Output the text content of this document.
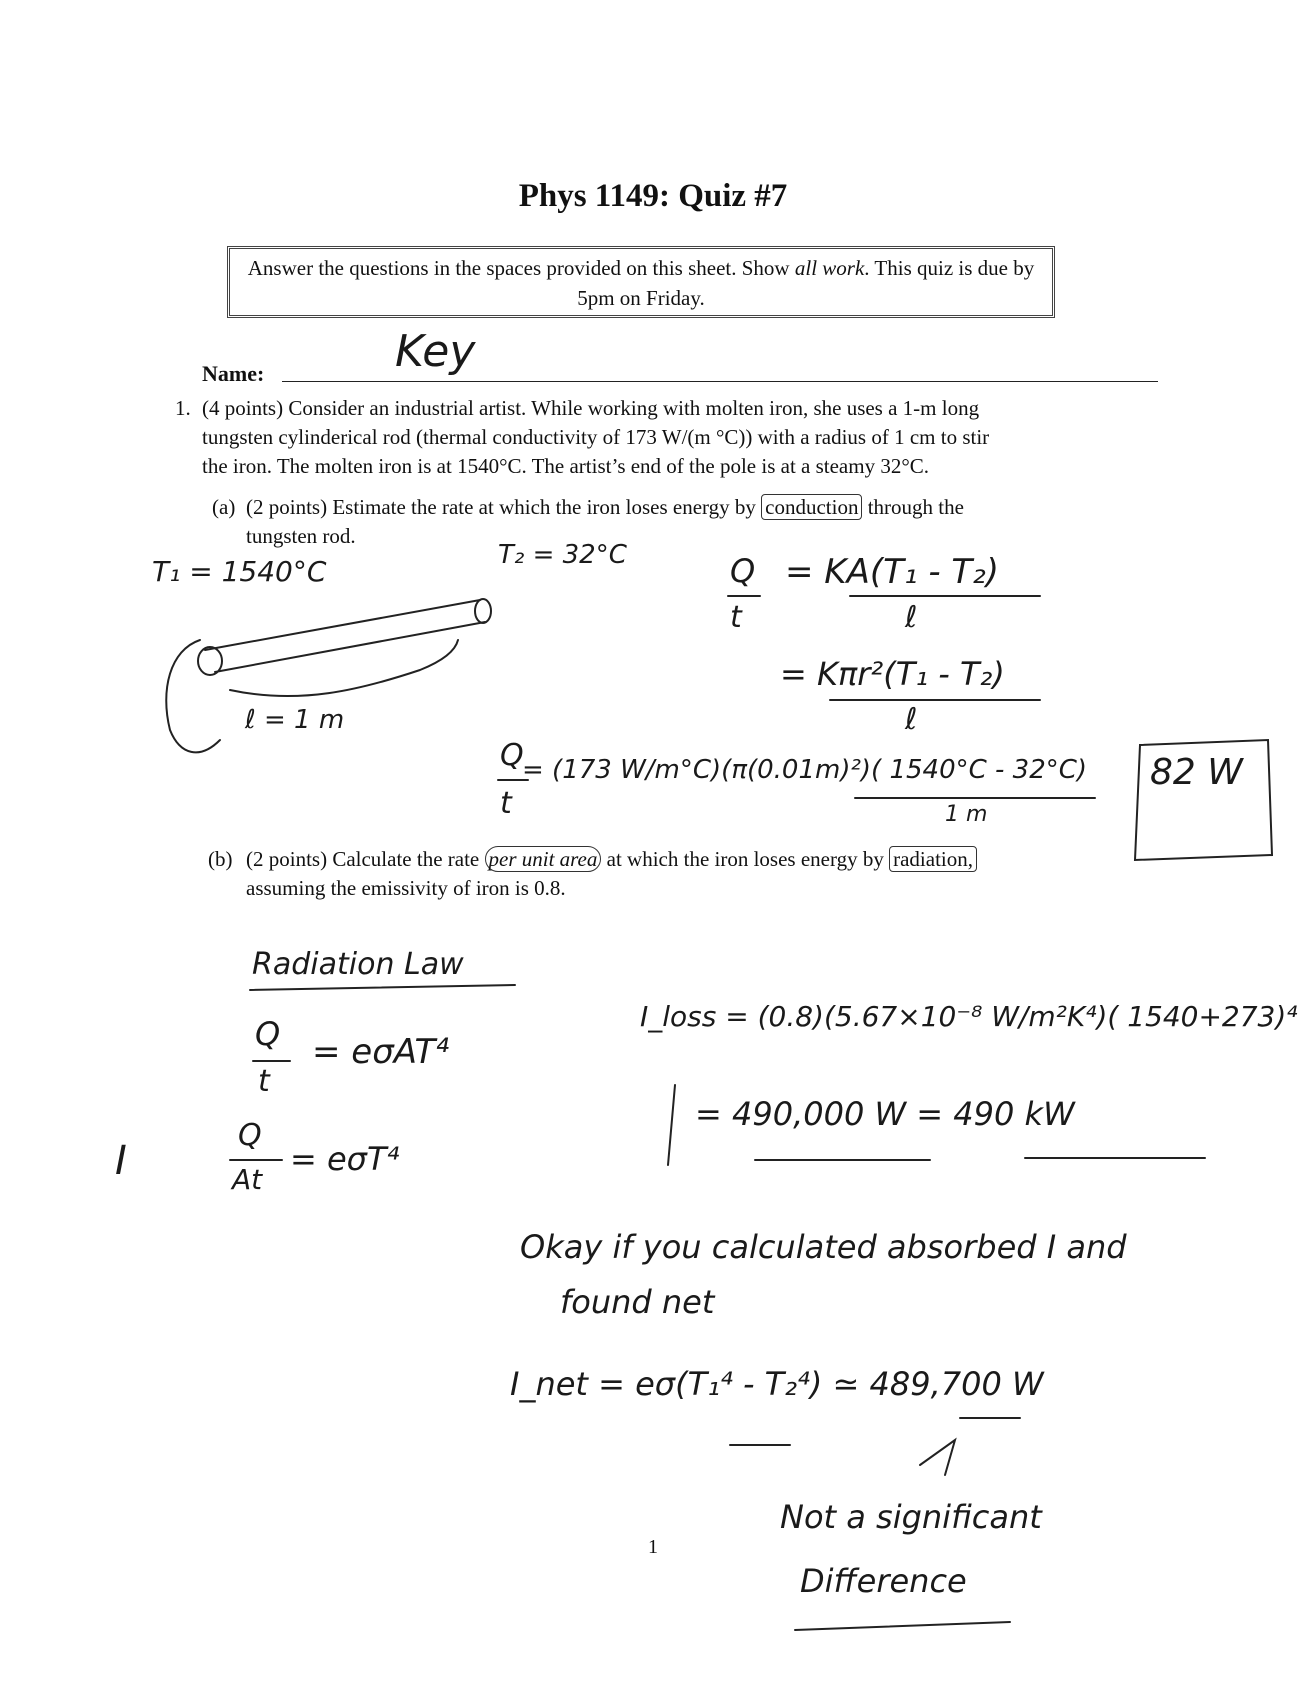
Phys 1149: Quiz #7
Answer the questions in the spaces provided on this sheet. Show all work. This quiz is due by 5pm on Friday.
Name:	Key
1. (4 points) Consider an industrial artist. While working with molten iron, she uses a 1-m long
tungsten cylinderical rod (thermal conductivity of 173 W/(m °C)) with a radius of 1 cm to stir
the iron. The molten iron is at 1540°C. The artist’s end of the pole is at a steamy 32°C.
(a) (2 points) Estimate the rate at which the iron loses energy by conduction through the
tungsten rod.
(b) (2 points) Calculate the rate per unit area at which the iron loses energy by radiation,
assuming the emissivity of iron is 0.8.
T₁ = 1540°C	T₂ = 32°C
ℓ = 1 m
Q
t
= KA(T₁ - T₂)
ℓ
= Kπr²(T₁ - T₂)
ℓ
Q
t
= (173 W/m°C)(π(0.01m)²)( 1540°C - 32°C)
1 m
82 W
Radiation Law
Q
t
= eσAT⁴
I
Q
At
= eσT⁴
I_loss = (0.8)(5.67×10⁻⁸ W/m²K⁴)( 1540+273)⁴
= 490,000 W = 490 kW
Okay if you calculated absorbed I and
found net
I_net = eσ(T₁⁴ - T₂⁴) ≃ 489,700 W
Not a significant
Difference
1
